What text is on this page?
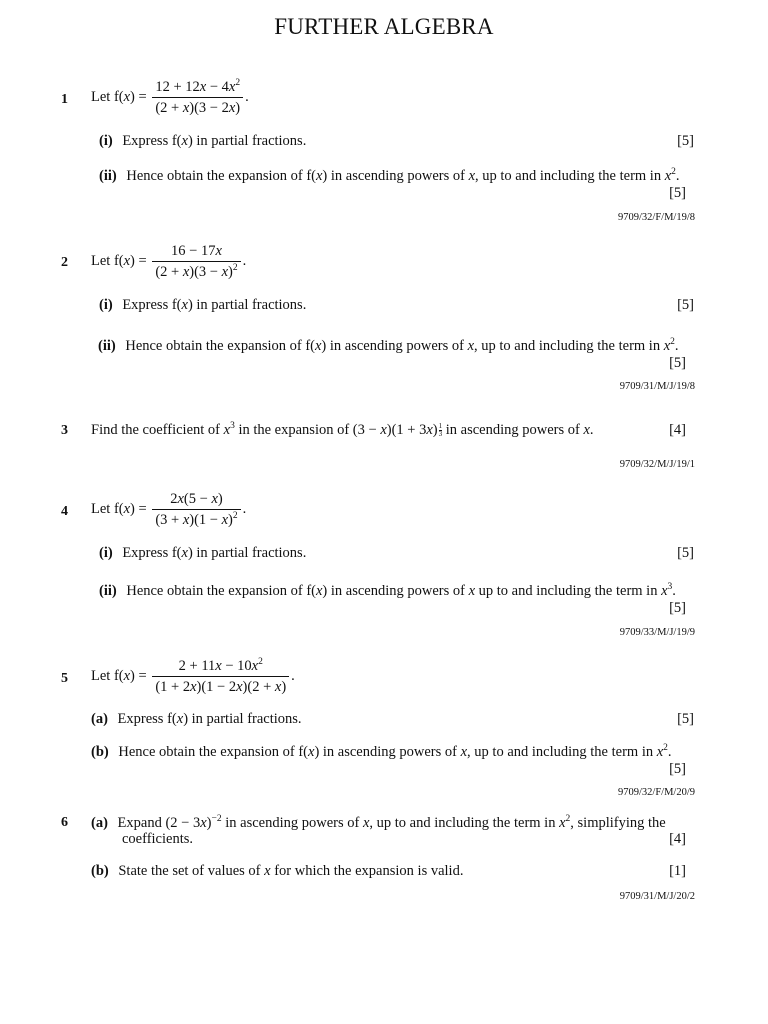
FURTHER ALGEBRA
1 Let $f(x) = \frac{12 + 12x - 4x^2}{(2 + x)(3 - 2x)}$ .
(i) Express f(x) in partial fractions.	[5]
(ii) Hence obtain the expansion of f(x) in ascending powers of x, up to and including the term in $x^2$.
[5]
9709/32/F/M/19/8
2 Let $f(x) = \frac{16 - 17x}{(2 + x)(3 - x)^2}$ .
(i) Express f(x) in partial fractions.	[5]
(ii) Hence obtain the expansion of f(x) in ascending powers of x, up to and including the term in $x^2$.
[5]
9709/31/M/J/19/8
3 Find the coefficient of $x^3$ in the expansion of $(3 - x)(1 + 3x) \frac{1}{3}$ in ascending powers of x.	[4]
9709/32/M/J/19/1
4 Let $f(x) = \frac{2x(5 - x)}{(3 + x)(1 - x)^2}$ .
(i) Express f(x) in partial fractions.	[5]
(ii) Hence obtain the expansion of f(x) in ascending powers of x up to and including the term in $x^3$.
[5]
9709/33/M/J/19/9
5 Let $f(x) = \frac{2 + 11x - 10x^2}{(1 + 2x)(1 - 2x)(2 + x)}$ .
(a) Express f(x) in partial fractions.	[5]
(b) Hence obtain the expansion of f(x) in ascending powers of x, up to and including the term in $x^2$.
[5]
9709/32/F/M/20/9
6 (a) Expand $(2 - 3x)^{-2}$ in ascending powers of x, up to and including the term in $x^2$, simplifying the
coefficients.	[4]
(b) State the set of values of x for which the expansion is valid.	[1]
9709/31/M/J/20/2
